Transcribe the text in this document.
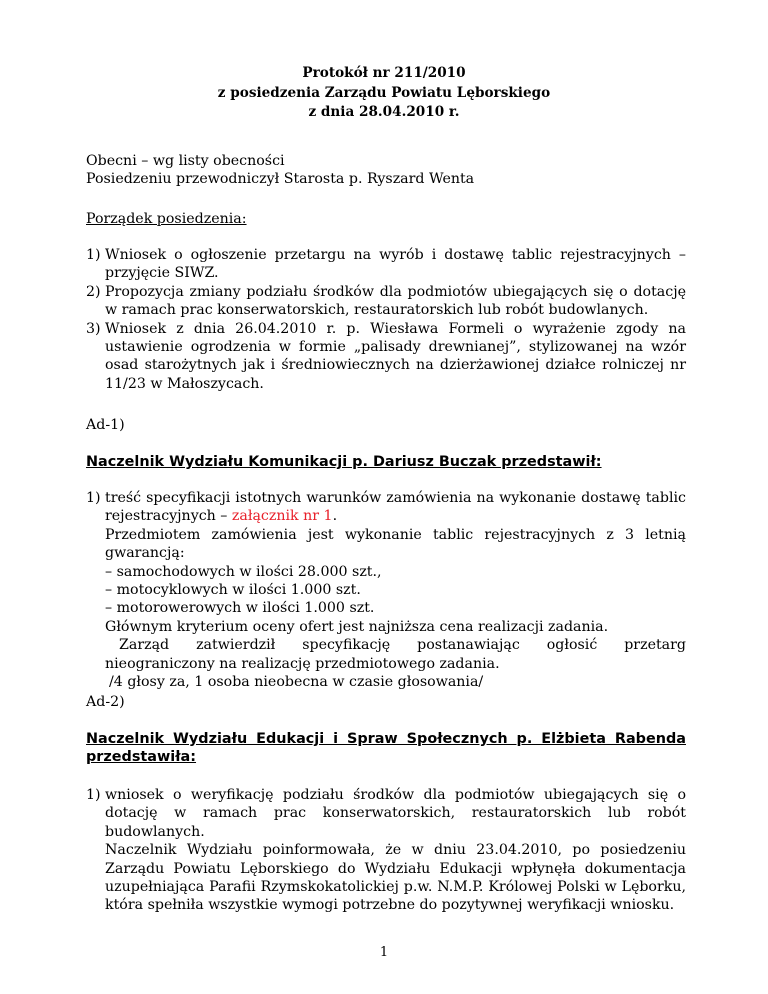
Protokół nr 211/2010
z posiedzenia Zarządu Powiatu Lęborskiego
z dnia 28.04.2010 r.
Obecni – wg listy obecności
Posiedzeniu przewodniczył Starosta p. Ryszard Wenta
Porządek posiedzenia:
1) Wniosek o ogłoszenie przetargu na wyrób i dostawę tablic rejestracyjnych – przyjęcie SIWZ.
2) Propozycja zmiany podziału środków dla podmiotów ubiegających się o dotację w ramach prac konserwatorskich, restauratorskich lub robót budowlanych.
3) Wniosek z dnia 26.04.2010 r. p. Wiesława Formeli o wyrażenie zgody na ustawienie ogrodzenia w formie „palisady drewnianej”, stylizowanej na wzór osad starożytnych jak i średniowiecznych na dzierżawionej działce rolniczej nr 11/23 w Małoszycach.
Ad-1)
Naczelnik Wydziału Komunikacji p. Dariusz Buczak przedstawił:
1) treść specyfikacji istotnych warunków zamówienia na wykonanie dostawę tablic rejestracyjnych – załącznik nr 1.
Przedmiotem zamówienia jest wykonanie tablic rejestracyjnych z 3 letnią gwarancją:
– samochodowych w ilości 28.000 szt.,
– motocyklowych w ilości 1.000 szt.
– motorowerowych w ilości 1.000 szt.
Głównym kryterium oceny ofert jest najniższa cena realizacji zadania.
Zarząd zatwierdził specyfikację postanawiając ogłosić przetarg
nieograniczony na realizację przedmiotowego zadania.
/4 głosy za, 1 osoba nieobecna w czasie głosowania/
Ad-2)
Naczelnik Wydziału Edukacji i Spraw Społecznych p. Elżbieta Rabenda przedstawiła:
1) wniosek o weryfikację podziału środków dla podmiotów ubiegających się o dotację w ramach prac konserwatorskich, restauratorskich lub robót budowlanych.
Naczelnik Wydziału poinformowała, że w dniu 23.04.2010, po posiedzeniu Zarządu Powiatu Lęborskiego do Wydziału Edukacji wpłynęła dokumentacja uzupełniająca Parafii Rzymskokatolickiej p.w. N.M.P. Królowej Polski w Lęborku, która spełniła wszystkie wymogi potrzebne do pozytywnej weryfikacji wniosku.
1
